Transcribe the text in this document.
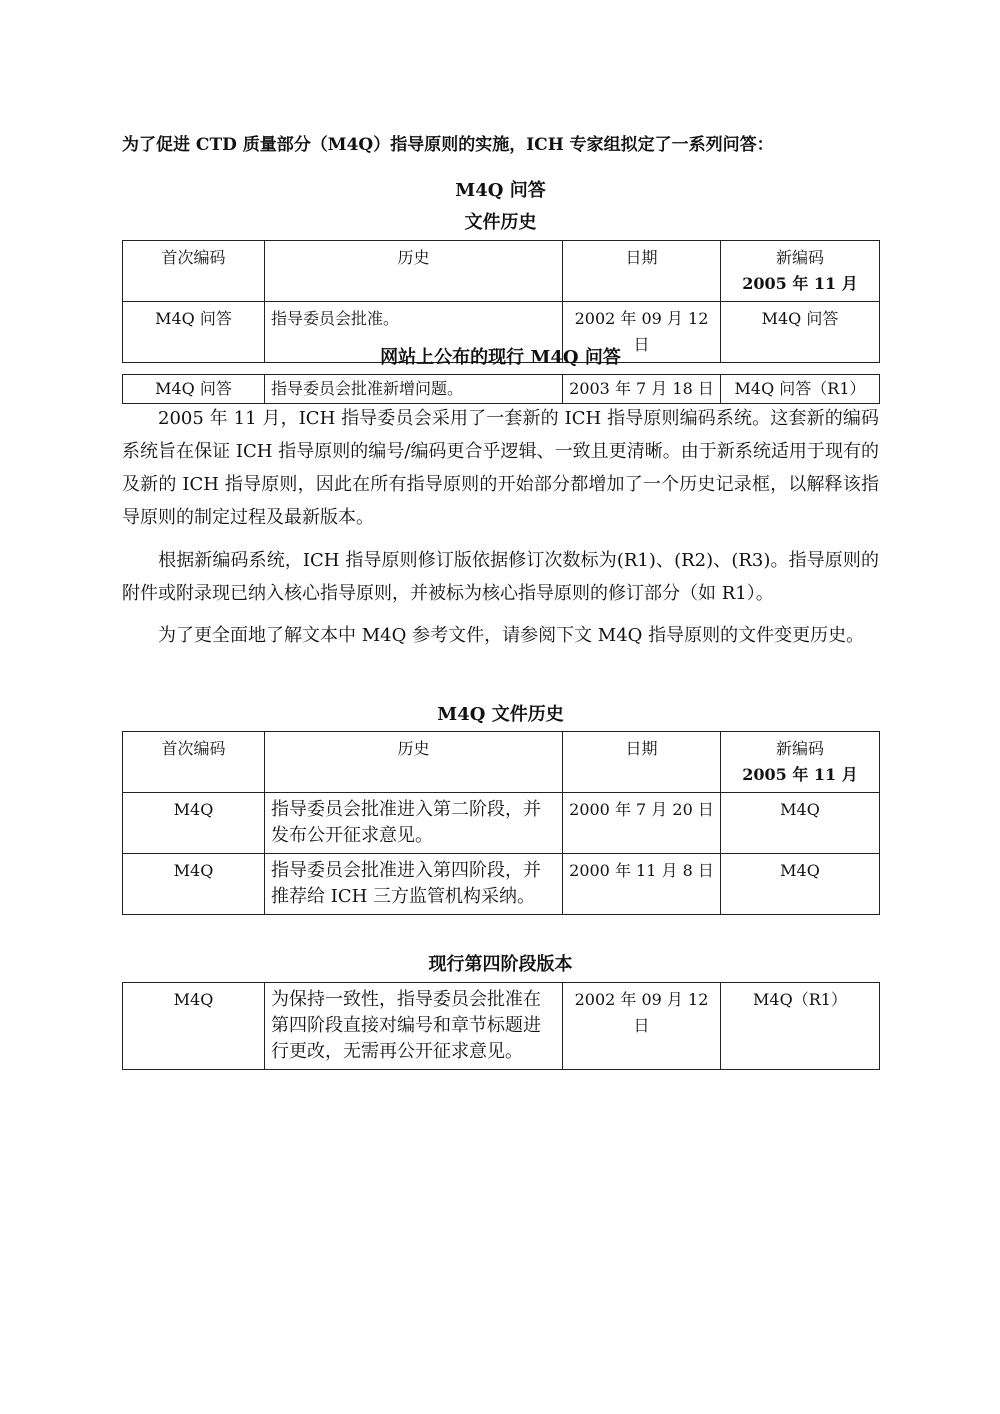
为了促进 CTD 质量部分（M4Q）指导原则的实施，ICH 专家组拟定了一系列问答：
M4Q 问答
文件历史
首次编码	历史	日期	新编码
2005 年 11 月

M4Q 问答	指导委员会批准。	2002 年 09 月 12 日	M4Q 问答
网站上公布的现行 M4Q 问答
M4Q 问答	指导委员会批准新增问题。	2003 年 7 月 18 日	M4Q 问答（R1）
2005 年 11 月，ICH 指导委员会采用了一套新的 ICH 指导原则编码系统。这套新的编码系统旨在保证 ICH 指导原则的编号/编码更合乎逻辑、一致且更清晰。由于新系统适用于现有的及新的 ICH 指导原则，因此在所有指导原则的开始部分都增加了一个历史记录框，以解释该指导原则的制定过程及最新版本。
根据新编码系统，ICH 指导原则修订版依据修订次数标为(R1)、(R2)、(R3)。指导原则的附件或附录现已纳入核心指导原则，并被标为核心指导原则的修订部分（如 R1）。
为了更全面地了解文本中 M4Q 参考文件，请参阅下文 M4Q 指导原则的文件变更历史。
M4Q 文件历史
首次编码	历史	日期	新编码
2005 年 11 月

M4Q	指导委员会批准进入第二阶段，并发布公开征求意见。	2000 年 7 月 20 日	M4Q
M4Q	指导委员会批准进入第四阶段，并推荐给 ICH 三方监管机构采纳。	2000 年 11 月 8 日	M4Q
现行第四阶段版本
M4Q	为保持一致性，指导委员会批准在第四阶段直接对编号和章节标题进行更改，无需再公开征求意见。	2002 年 09 月 12 日	M4Q（R1）
